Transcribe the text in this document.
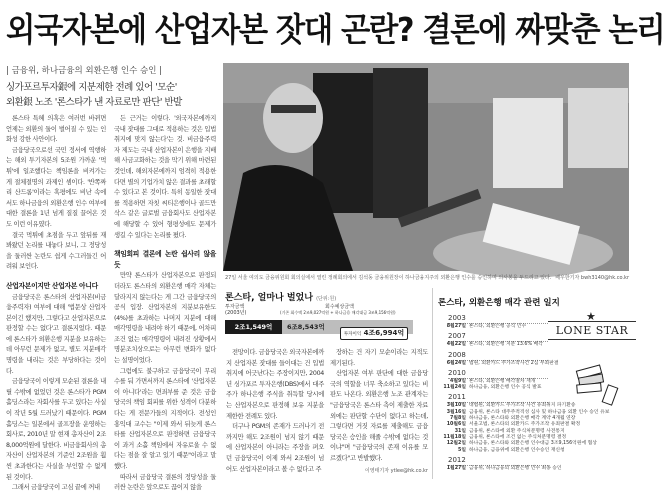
외국자본에 산업자본 잣대 곤란? 결론에 짜맞춘 논리
| 금융위, 하나금융의 외환은행 인수 승인 |
싱가포르투자銀에 지분제한 전례 있어 '모순'
외환銀 노조 '론스타가 낸 자료로만 판단' 반발

론스타 특혜 의혹은 여러번 바뀌면 언제는 외환의 둘이 벌어질 수 있는 인화성 강한 사안이다.

금융당국으로선 국민 정서에 역행하는 해외 투기자본의 5조원 가까운 '먹튀'에 일조했다는 책임론을 비켜가는 게 절체절명의 과제인 셈이다. '반쪽짜리 산드롬'이라는 혹평에도 비난 속에서도 하나금융의 외환은행 인수 여부에 대한 결론을 1년 넘게 질질 끌어온 것도 이런 이유였다.

결국 먹튀에 초점을 두고 앞뒤를 재 봐왔던 논리를 내놓다 보니, 그 정당성을 둘러싼 논란도 쉽게 수그러들긴 어려워 보인다.

산업자본이지만 산업자본 아니다

금융당국은 론스타의 산업자본(비금융주력자) 여부에 대해 '법문상 산업자본이긴 했지만, 그렇다고 산업자본으로 판정할 수는 없다'고 결론지었다. 때문에 론스타가 외환은행 지분을 보유하는 데 아무런 문제가 없고, 별도 지분매각 명령을 내리는 것은 부당하다는 것이다.

금융당국이 이렇게 모순된 결론을 내릴 수밖에 없었던 것은 론스타가 PGM홀딩스라는 자회사를 두고 있다는 사실이 작년 5월 드러났기 때문이다. PGM홀딩스는 일본에서 골프장을 운영하는 회사로, 2010년 말 현재 총자산이 2조8,000억원에 달한다. 비금융회사의 총자산이 산업자본의 기준인 2조원을 훨씬 초과한다는 사실을 부인할 수 없게 된 것이다.

그래서 금융당국이 고심 끝에 꺼내

든 근거는 이렇다. '외국자본에까지 국내 잣대를 그대로 적용하는 것은 입법 취지에 맞지 않는다'는 것. 비금융주력자 제도는 국내 산업자본이 은행을 지배해 사금고화하는 것을 막기 위해 마련된 것인데, 해외자본에까지 엄격히 적용한다면 별의 기업가치 않은 결과를 초래할 수 있다고 본 것이다. 특히 동일한 잣대를 적용하면 자칫 씨티은행이나 골드만삭스 같은 글로벌 금융회사도 산업자본에 해당할 수 있어 형평성에도 문제가 생길 수 있다는 논리를 폈다.

책임회피 결론에 논란 쉽사리 않을 듯

만약 론스타가 산업자본으로 판정되더라도 론스타의 외환은행 매각 자체는 달라지지 않는다는 게 그간 금융당국의 공식 입장. 산업자본의 지분보유한도(4%)를 초과하는 나머지 지분에 대해 매각명령을 내려야 하기 때문에, 어차피 조건 없는 매각명령이 내려진 상황에서 명분조치상으로는 아무런 변화가 없다는 설명이었다.

그럼에도 불구하고 금융당국이 무리수를 둬 가면서까지 론스타에 '산업자본이 아니다'라는 면죄부를 준 것은 금융당국의 책임 회피를 위한 성격이 다분하다는 게 전문가들의 지적이다. 전성인 홍익대 교수는 "이제 와서 뒤늦게 론스타를 산업자본으로 판정하면 금융당국이 과거 소홀 책임에서 자유로울 수 없다는 점을 잘 알고 있기 때문"이라고 말했다.

따라서 금융당국 결론의 정당성을 둘러싼 논란은 앞으로도 끊이지 않을

27일 서울 여의도 금융위원회 회의실에서 열린 정례회의에서 김석동 금융위원장이 하나금융지주의 외환은행 인수를 승인하며 의사봉을 두드리고 있다. 배우한기자 bwh3140@hk.co.kr
론스타, 얼마나 벌었나 (단위:원)
투자금액
(2003년)
회수예상금액
(기존 회수액 2조9,027억원 + 하나금융 매각대금 3조9,156억원)
2조1,549억	6조8,543억
투자이익 4조6,994억

전망이다. 금융당국은 외국자본에까지 산업자본 잣대를 들이대는 건 입법 취지에 어긋난다는 주장이지만, 2004년 싱가포르 투자은행(DBS)에서 대주주가 하나은행 주식을 취득할 당시에는 산업자본으로 판정해 보유 지분을 제한한 전례도 있다.

더구나 PGM의 존재가 드러나기 전까지만 해도 2조원이 넘지 않기 때문에 산업자본이 아니라는 주장을 펴오던 금융당국이 이제 와서 2조원이 넘어도 산업자본이라고 볼 수 없다고 주

장하는 건 자기 모순이라는 지적도 제기된다.

산업자본 여부 판단에 대한 금융당국의 역할을 너무 축소하고 있다는 비판도 나온다. 외환은행 노조 관계자는 "금융당국은 론스타 측이 제출한 자료 외에는 판단할 수단이 없다고 하는데, 그렇다면 거짓 자료를 제출해도 금융당국은 승인을 해줄 수밖에 없다는 것이냐"며 "금융당국의 존재 이유를 모르겠다"고 반발했다.

이영태기자 ytlee@hk.co.kr
론스타, 외환은행 매각 관련 일지
2003
8월27일 론스타, 외환은행 공식 인수
2007
4월22일 론스타, 외환은행 지분 13.6% 매각
2008
6월24일 법원, 외환카드 주가조작사건 2심 무죄판결
2010
4월9일 론스타, 외환은행 매각절차 재개
11월24일 하나금융, 외환은행 인수 공식 발표
2011
3월10일 대법원, 외환카드 주가조작 사건 유죄취지 파기환송
3월16일 금융위, 론스타 대주주적격성 심사 및 하나금융 외환 인수 승인 유보
7월8일 하나금융, 론스타와 외환은행 매각 계약 4개월 연장
10월6일 서울고법, 론스타의 외환카드 주가조작 유죄판결 확정
31일 금융위, 론스타에 외환 주식처분명령 사전통지
11월18일 금융위, 론스타에 조건 없는 주식처분명령 결정
12월2일 하나금융, 론스타와 외환은행 인수대금 3조9,156억원에 협상
5일 하나금융, 금융위에 외환은행 인수승인 재신청
2012
1월27일 금융위, 하나금융의 외환은행 인수 최종 승인
★
LONE STAR
